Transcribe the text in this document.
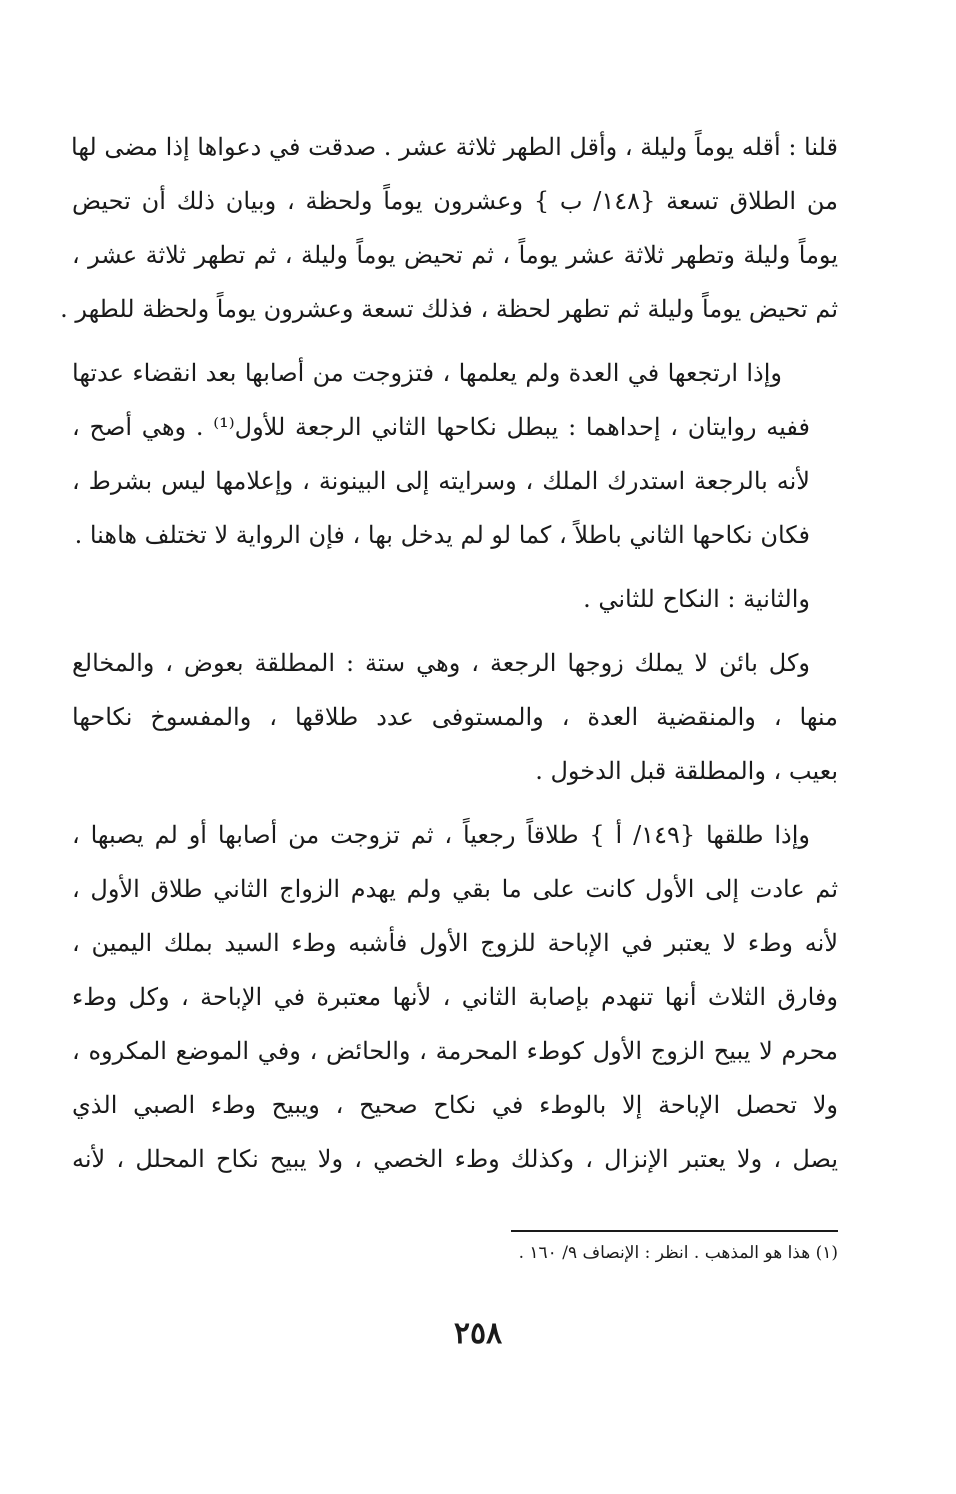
قلنا : أقله يوماً وليلة ، وأقل الطهر ثلاثة عشر . صدقت في دعواها إذا مضى لها
من الطلاق تسعة {١٤٨/ ب } وعشرون يوماً ولحظة ، وبيان ذلك أن تحيض
يوماً وليلة وتطهر ثلاثة عشر يوماً ، ثم تحيض يوماً وليلة ، ثم تطهر ثلاثة عشر ،
ثم تحيض يوماً وليلة ثم تطهر لحظة ، فذلك تسعة وعشرون يوماً ولحظة للطهر .

وإذا ارتجعها في العدة ولم يعلمها ، فتزوجت من أصابها بعد انقضاء عدتها
ففيه روايتان ، إحداهما : يبطل نكاحها الثاني الرجعة للأول⁽¹⁾ . وهي أصح ،
لأنه بالرجعة استدرك الملك ، وسرايته إلى البينونة ، وإعلامها ليس بشرط ،
فكان نكاحها الثاني باطلاً ، كما لو لم يدخل بها ، فإن الرواية لا تختلف هاهنا .

والثانية : النكاح للثاني .

وكل بائن لا يملك زوجها الرجعة ، وهي ستة : المطلقة بعوض ، والمخالع
منها ، والمنقضية العدة ، والمستوفى عدد طلاقها ، والمفسوخ نكاحها
بعيب ، والمطلقة قبل الدخول .

وإذا طلقها {١٤٩/ أ } طلاقاً رجعياً ، ثم تزوجت من أصابها أو لم يصبها ،
ثم عادت إلى الأول كانت على ما بقي ولم يهدم الزواج الثاني طلاق الأول ،
لأنه وطء لا يعتبر في الإباحة للزوج الأول فأشبه وطء السيد بملك اليمين ،
وفارق الثلاث أنها تنهدم بإصابة الثاني ، لأنها معتبرة في الإباحة ، وكل وطء
محرم لا يبيح الزوج الأول كوطء المحرمة ، والحائض ، وفي الموضع المكروه ،
ولا تحصل الإباحة إلا بالوطء في نكاح صحيح ، ويبيح وطء الصبي الذي
يصل ، ولا يعتبر الإنزال ، وكذلك وطء الخصي ، ولا يبيح نكاح المحلل ، لأنه

(١) هذا هو المذهب . انظر : الإنصاف ٩/ ١٦٠ .
٢٥٨
